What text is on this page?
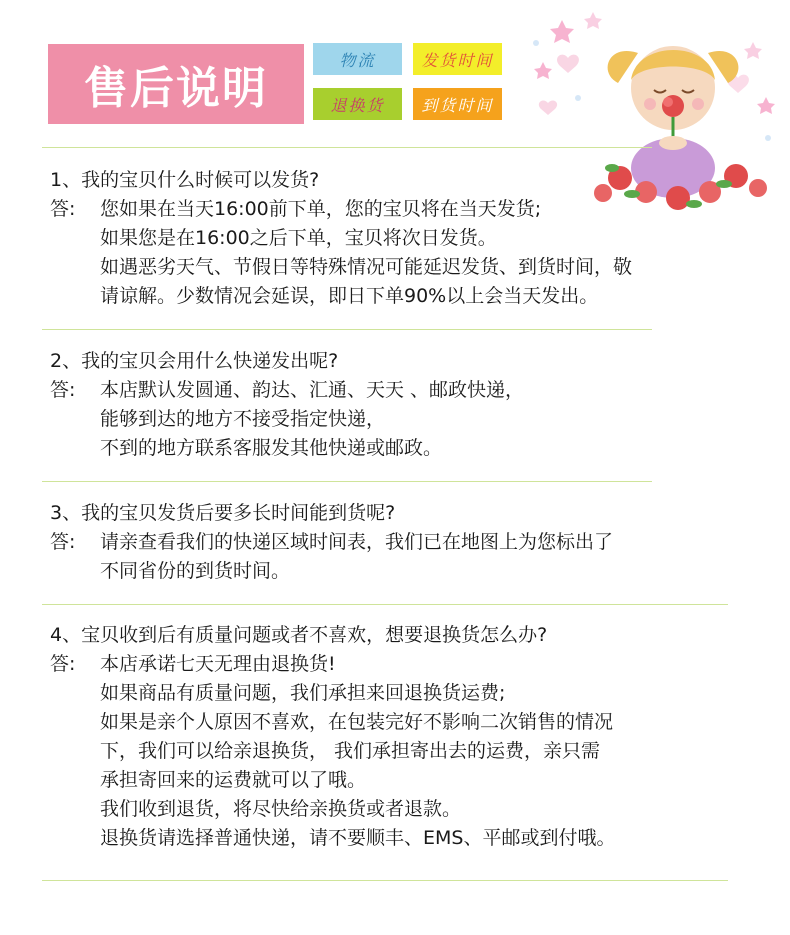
售后说明
物流	发货时间
退换货	到货时间

1、我的宝贝什么时候可以发货?

答:	您如果在当天16:00前下单，您的宝贝将在当天发货;

如果您是在16:00之后下单，宝贝将次日发货。

如遇恶劣天气、节假日等特殊情况可能延迟发货、到货时间，敬

请谅解。少数情况会延误，即日下单90%以上会当天发出。

2、我的宝贝会用什么快递发出呢?

答:	本店默认发圆通、韵达、汇通、天天 、邮政快递，

能够到达的地方不接受指定快递，

不到的地方联系客服发其他快递或邮政。

3、我的宝贝发货后要多长时间能到货呢?

答:	请亲查看我们的快递区域时间表，我们已在地图上为您标出了

不同省份的到货时间。

4、宝贝收到后有质量问题或者不喜欢，想要退换货怎么办?

答:	本店承诺七天无理由退换货!

如果商品有质量问题，我们承担来回退换货运费;

如果是亲个人原因不喜欢，在包装完好不影响二次销售的情况

下，我们可以给亲退换货， 我们承担寄出去的运费，亲只需

承担寄回来的运费就可以了哦。

我们收到退货，将尽快给亲换货或者退款。

退换货请选择普通快递，请不要顺丰、EMS、平邮或到付哦。
